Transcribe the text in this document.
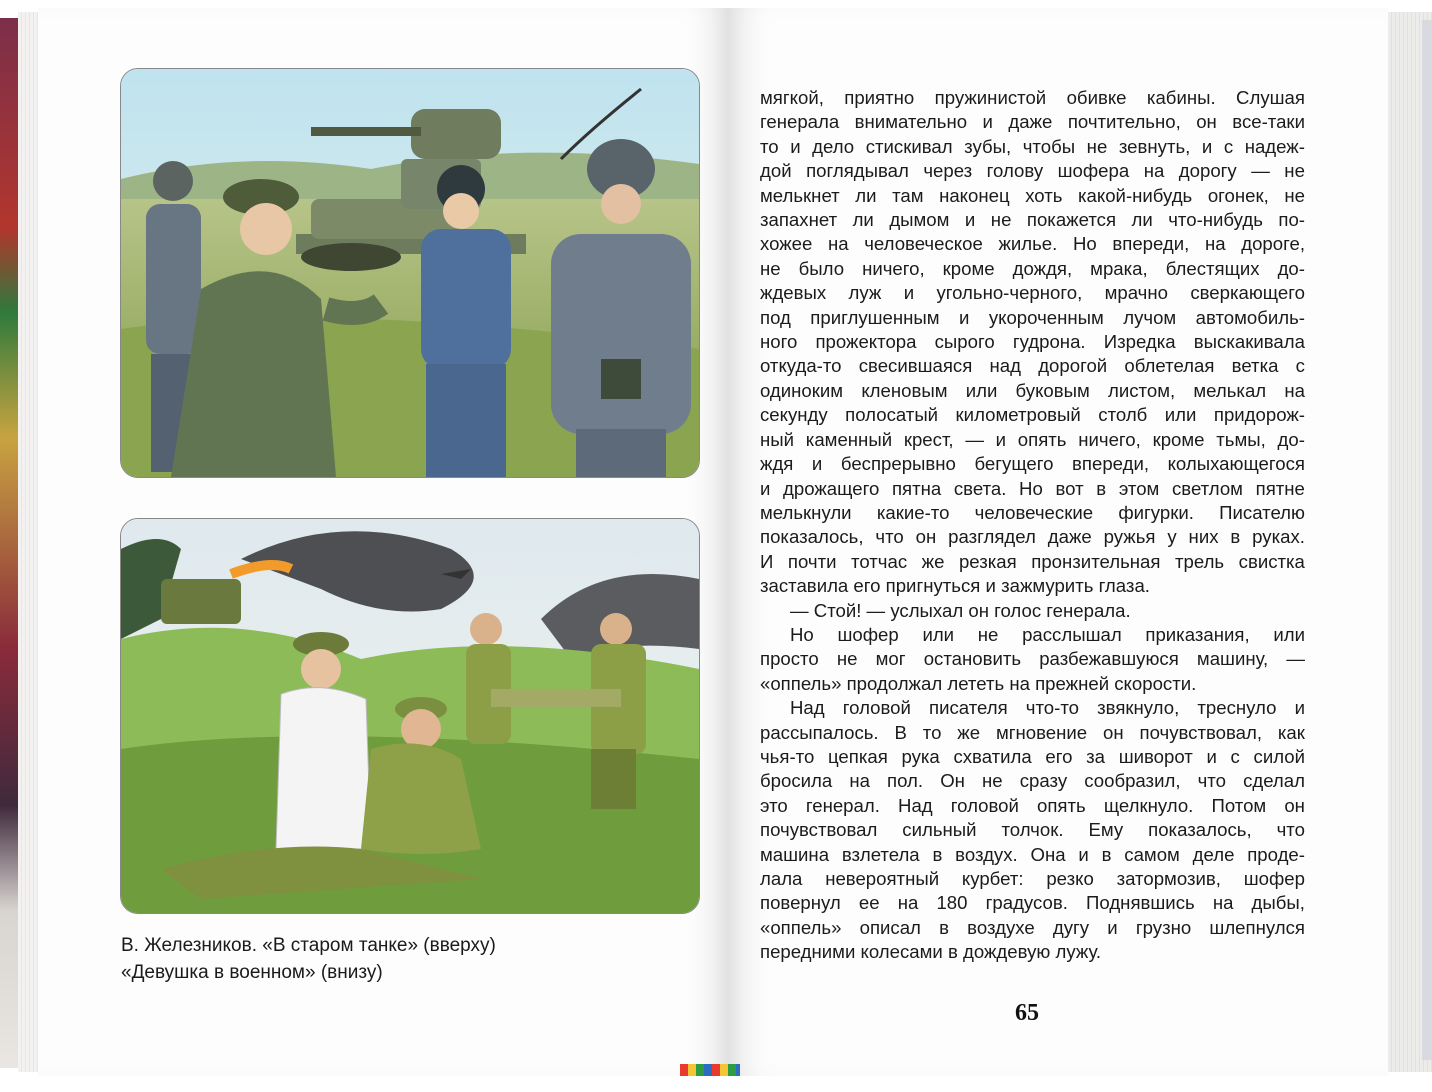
В. Железников. «В старом танке» (вверху)
«Девушка в военном» (внизу)
мягкой, приятно пружинистой обивке кабины. Слушая
генерала внимательно и даже почтительно, он все-таки
то и дело стискивал зубы, чтобы не зевнуть, и с надеж-
дой поглядывал через голову шофера на дорогу — не
мелькнет ли там наконец хоть какой-нибудь огонек, не
запахнет ли дымом и не покажется ли что-нибудь по-
хожее на человеческое жилье. Но впереди, на дороге,
не было ничего, кроме дождя, мрака, блестящих до-
ждевых луж и угольно-черного, мрачно сверкающего
под приглушенным и укороченным лучом автомобиль-
ного прожектора сырого гудрона. Изредка выскакивала
откуда-то свесившаяся над дорогой облетелая ветка с
одиноким кленовым или буковым листом, мелькал на
секунду полосатый километровый столб или придорож-
ный каменный крест, — и опять ничего, кроме тьмы, до-
ждя и беспрерывно бегущего впереди, колыхающегося
и дрожащего пятна света. Но вот в этом светлом пятне
мелькнули какие-то человеческие фигурки. Писателю
показалось, что он разглядел даже ружья у них в руках.
И почти тотчас же резкая пронзительная трель свистка
заставила его пригнуться и зажмурить глаза.
— Стой! — услыхал он голос генерала.
Но шофер или не расслышал приказания, или
просто не мог остановить разбежавшуюся машину, —
«оппель» продолжал лететь на прежней скорости.
Над головой писателя что-то звякнуло, треснуло и
рассыпалось. В то же мгновение он почувствовал, как
чья-то цепкая рука схватила его за шиворот и с силой
бросила на пол. Он не сразу сообразил, что сделал
это генерал. Над головой опять щелкнуло. Потом он
почувствовал сильный толчок. Ему показалось, что
машина взлетела в воздух. Она и в самом деле проде-
лала невероятный курбет: резко затормозив, шофер
повернул ее на 180 градусов. Поднявшись на дыбы,
«оппель» описал в воздухе дугу и грузно шлепнулся
передними колесами в дождевую лужу.
65
